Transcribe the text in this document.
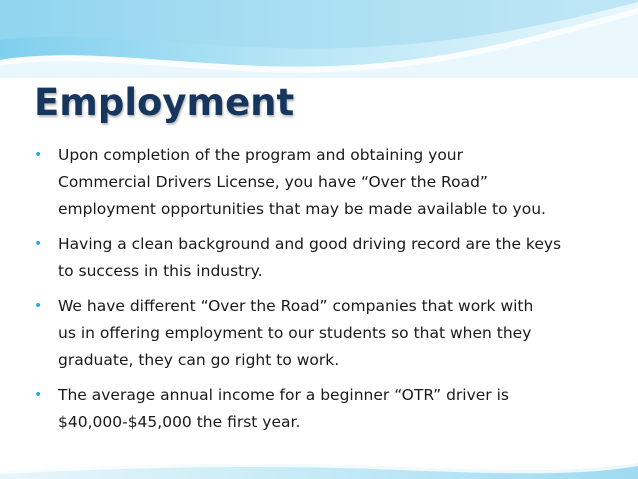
Employment
• Upon completion of the program and obtaining your
Commercial Drivers License, you have “Over the Road”
employment opportunities that may be made available to you.
• Having a clean background and good driving record are the keys
to success in this industry.
• We have different “Over the Road” companies that work with
us in offering employment to our students so that when they
graduate, they can go right to work.
• The average annual income for a beginner “OTR” driver is
$40,000-$45,000 the first year.
